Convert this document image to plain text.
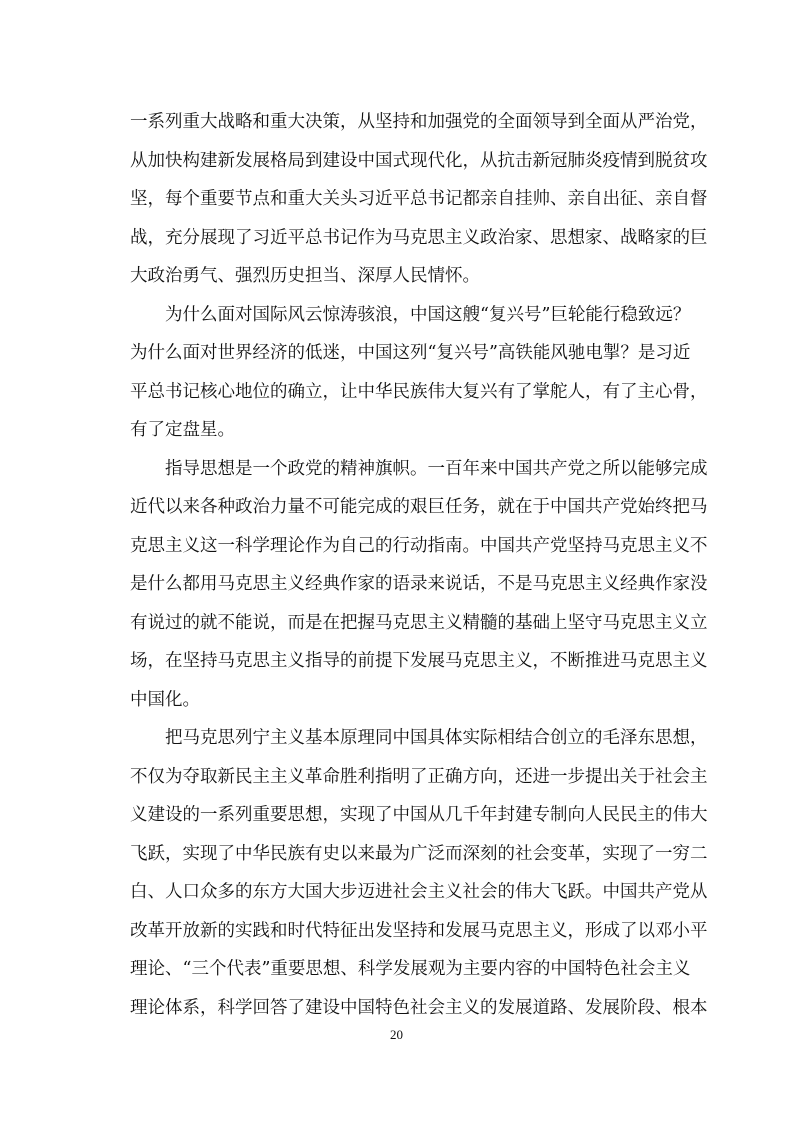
一系列重大战略和重大决策，从坚持和加强党的全面领导到全面从严治党，
从加快构建新发展格局到建设中国式现代化，从抗击新冠肺炎疫情到脱贫攻
坚，每个重要节点和重大关头习近平总书记都亲自挂帅、亲自出征、亲自督
战，充分展现了习近平总书记作为马克思主义政治家、思想家、战略家的巨
大政治勇气、强烈历史担当、深厚人民情怀。
为什么面对国际风云惊涛骇浪，中国这艘“复兴号”巨轮能行稳致远？
为什么面对世界经济的低迷，中国这列“复兴号”高铁能风驰电掣？是习近
平总书记核心地位的确立，让中华民族伟大复兴有了掌舵人，有了主心骨，
有了定盘星。
指导思想是一个政党的精神旗帜。一百年来中国共产党之所以能够完成
近代以来各种政治力量不可能完成的艰巨任务，就在于中国共产党始终把马
克思主义这一科学理论作为自己的行动指南。中国共产党坚持马克思主义不
是什么都用马克思主义经典作家的语录来说话，不是马克思主义经典作家没
有说过的就不能说，而是在把握马克思主义精髓的基础上坚守马克思主义立
场，在坚持马克思主义指导的前提下发展马克思主义，不断推进马克思主义
中国化。
把马克思列宁主义基本原理同中国具体实际相结合创立的毛泽东思想，
不仅为夺取新民主主义革命胜利指明了正确方向，还进一步提出关于社会主
义建设的一系列重要思想，实现了中国从几千年封建专制向人民民主的伟大
飞跃，实现了中华民族有史以来最为广泛而深刻的社会变革，实现了一穷二
白、人口众多的东方大国大步迈进社会主义社会的伟大飞跃。中国共产党从
改革开放新的实践和时代特征出发坚持和发展马克思主义，形成了以邓小平
理论、“三个代表”重要思想、科学发展观为主要内容的中国特色社会主义
理论体系，科学回答了建设中国特色社会主义的发展道路、发展阶段、根本
20
